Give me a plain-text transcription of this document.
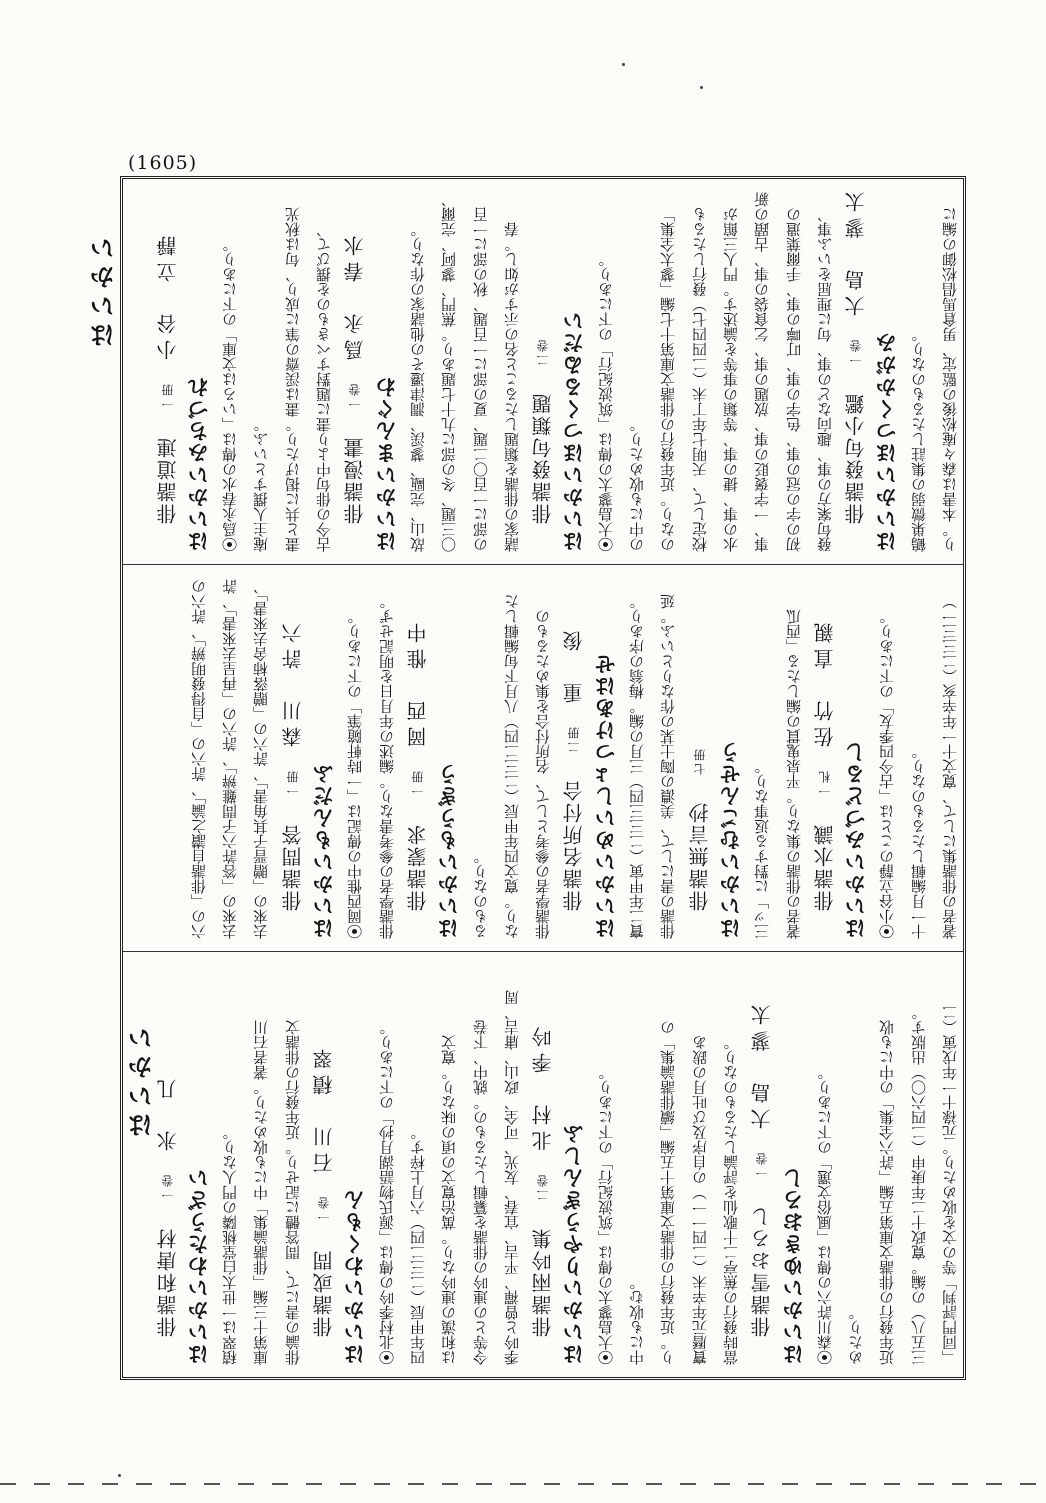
(1605)
はいかい
はいかい
り。本書は森々庵松後の監定、男倉馬倡松御の編に
鶴巣微弱の集註したるものなり。
はいかいほつくかがみ
俳諧發句小鑑一巻大島　蓼太
發句案方の事、趣向などの事、句に理屈をいふ事、
初の字の冠の事、色字の事、叮嚀の事、手爾葉遣の
事、一字褒貶の事、放題の事、乞食袋の事、古蹟の新
水の事、捷の事、等類の事等を論述す。門人三館が
校定して、天明七年丁未（二四四七）發行したるも
のなり。近年發行の俳諧文庫第十七編「蓼太全集」
の中にも收めたり。
⦿大島蓼太の傳は「筑波紀行」の下にあり。
はいかいほつくるゐだい
俳諧發句類題二巻
諸家の俳諧を類題したること名の示すが如し。春
の部に一百〇二題、夏の部に一百題、秋の部に一百
〇三題、冬の部に九十七題あり。蕉門、蓼阿、完爾、
故山、完甌、蓼渓、澗津遷その他諸家の作なり。
はいかいまんぐわ
俳諧漫畫一巻爲永　春水
古今の俳句中より畫に題對すべきものを撰びて、
畫と共に掲げたり。畫は渓齋の筆に成り、句は秋光
庵主人撰すといふ。
⦿爲永春水の傳は「いろは文庫」の下にあり。
はいかいみちづれ
俳諧道連一册小谷　立靜
著者の俳諧集にして、寛文十一年辛亥（二三三一）
十一月編輯したるものなり。
⦿小谷立靜のことは「古今四季友」の下にあり。
はいかいみづどるし
俳諧水識一札佐竹　直親
著者の俳諧の集なり。平泉鬼貫の編したる「西瓜
三ッ」に對する返事なり。
はいかいむごんせう
俳諧無言抄七册
俳諧の書にして、美濃の陶士某の作なりといふ。延
寶二年甲寅（二三三四）三月の編。梅翁の序あり。
はいかいめいしょつけあはせ
俳諧名所付合二册重　俊
俳諧學者の參考として、名所付合を集めたるもの
なり。寛文四年甲辰（二三二四）八月下旬編輯した
るものなり。
はいかいもうぎう
俳諧蒙求一册岡西　惟中
俳諧學者の參考書なり。編述の年月日を明記せず。
⦿岡西惟中の傳記は「一時軒隨筆」の下にあり。
はいかいもんだふ
俳諧問答一册森川　許六
去來の「贈晋子其角書」、許六の「贈落柿舍去來書」、
去來の「答許六子問難辨」、許六の「再呈去來書」、許
六の「俳諧自讃之論」、許六の「自得發明辨」、許六の
「同門評判」等の文を收めたり。元祿十一年戊寅（二
三五八）の編。寛政十二年庚申（二四六〇）出版す。
近年發行の俳諧文庫第五編「許六全集」の中にも收
めたり。
⦿森川許六の傳は「風俗文選」の下にあり。
はいかいゆきおろし
俳諧雪おろし一巻大島　蓼太
當時發行の蕉亭二十歌仙を評論したるものなり。
寶曆元年辛未（二四一一）の自序及び吐月の跋あ
り。近年發行の俳諧文庫第十五編「續俳諧論集」の
中にも收む。
⦿大島蓼太の傳は「筑波紀行」の下にあり。
はいかいりやうぎんしふ
俳諧兩吟集二巻北村　季吟
季吟と曾禪、平吉、宜春、友光、可全、政山、庸吉、周
令等との連吟の俳諧を纂輯したるもの。就中、下卷
は和漢の連吟なり。萬治寛文の頃の味なり。寛文
四年甲辰（二三二四）六月上梓す。
⦿北村季吟の傳は「源氏物語湖月抄」の下にあり。
はいかいわくもん
俳諧或問一巻石川　積翠
俳論の書にて、問答體に記せり。近年發行の俳諧文
庫第十三編「俳諧論集」中にも收めたり。著者石川
積翠は一世太白堂桃隣の門人なり。
はいかいわたうざい
俳諧和唐材一巻氷　几
